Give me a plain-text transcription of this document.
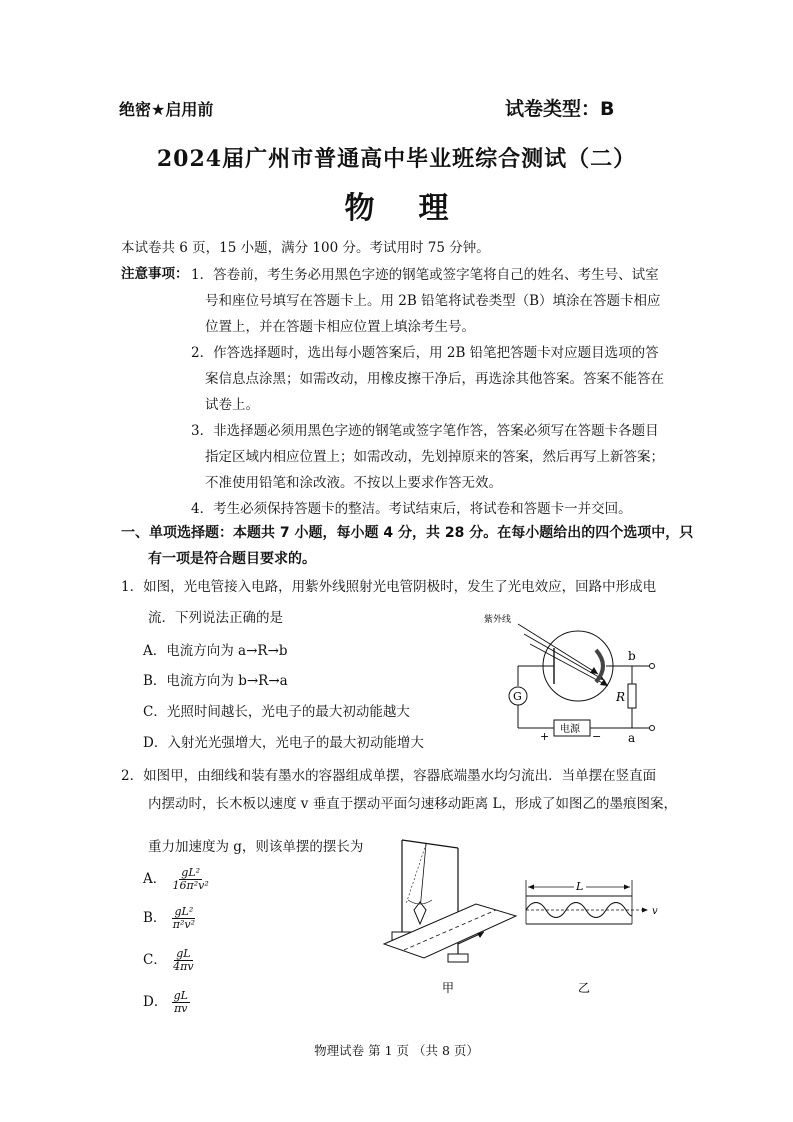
绝密★启用前	试卷类型：B
2024届广州市普通高中毕业班综合测试（二）
物理
本试卷共 6 页，15 小题，满分 100 分。考试用时 75 分钟。
注意事项： 1．答卷前，考生务必用黑色字迹的钢笔或签字笔将自己的姓名、考生号、试室
号和座位号填写在答题卡上。用 2B 铅笔将试卷类型（B）填涂在答题卡相应
位置上，并在答题卡相应位置上填涂考生号。
2．作答选择题时，选出每小题答案后，用 2B 铅笔把答题卡对应题目选项的答
案信息点涂黑；如需改动，用橡皮擦干净后，再选涂其他答案。答案不能答在
试卷上。
3．非选择题必须用黑色字迹的钢笔或签字笔作答，答案必须写在答题卡各题目
指定区域内相应位置上；如需改动，先划掉原来的答案，然后再写上新答案；
不准使用铅笔和涂改液。不按以上要求作答无效。
4．考生必须保持答题卡的整洁。考试结束后，将试卷和答题卡一并交回。
一、单项选择题：本题共 7 小题，每小题 4 分，共 28 分。在每小题给出的四个选项中，只
有一项是符合题目要求的。
1．如图，光电管接入电路，用紫外线照射光电管阴极时，发生了光电效应，回路中形成电
流．下列说法正确的是
A．电流方向为 a→R→b
B．电流方向为 b→R→a
C．光照时间越长，光电子的最大初动能越大
D．入射光光强增大，光电子的最大初动能增大
紫外线
b
G	R
电源
+	− a
2．如图甲，由细线和装有墨水的容器组成单摆，容器底端墨水均匀流出．当单摆在竖直面
内摆动时，长木板以速度 v 垂直于摆动平面匀速移动距离 L，形成了如图乙的墨痕图案，
重力加速度为 g，则该单摆的摆长为
A． $\frac{\text{gL²}}{\text{16π²v²}}$
B． $\frac{\text{gL²}}{\text{π²v²}}$
C． $\frac{gL}{4\pi v}$
D． $\frac{gL}{\pi v}$
甲
L
v
乙
物理试卷 第 1 页 （共 8 页）
